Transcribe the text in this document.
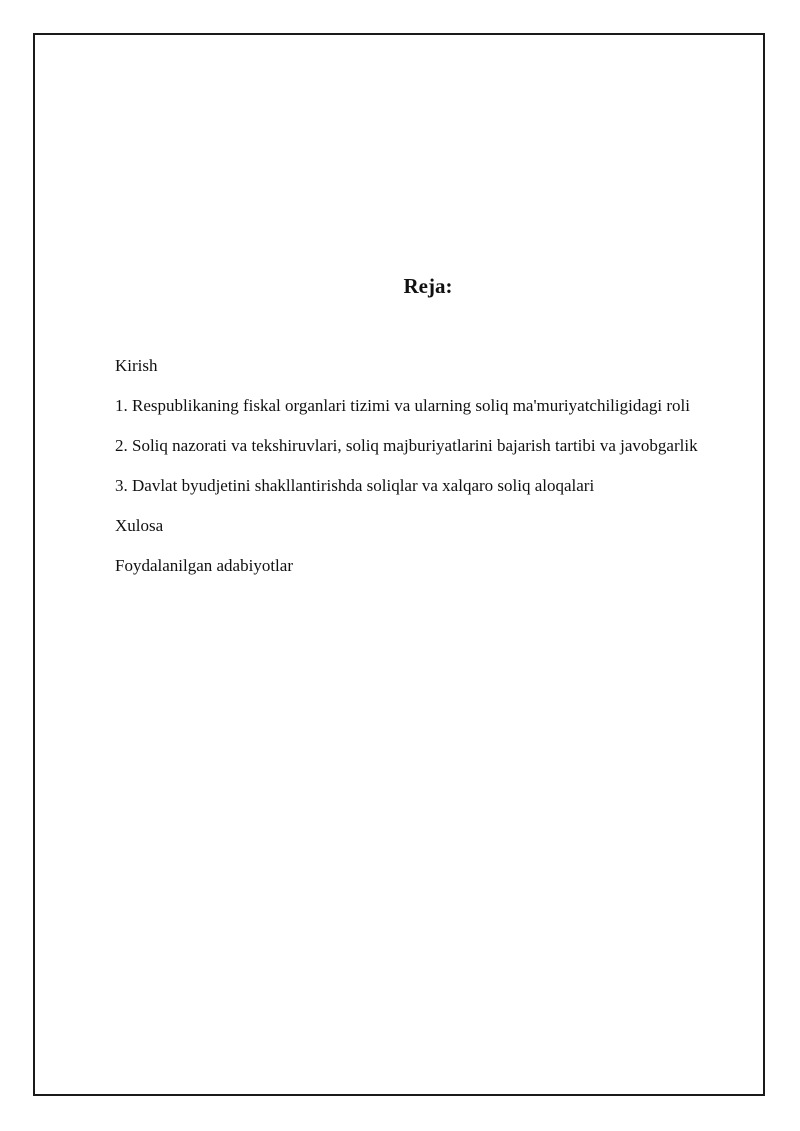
Reja:
Kirish
1. Respublikaning fiskal organlari tizimi va ularning soliq ma'muriyatchiligidagi roli
2. Soliq nazorati va tekshiruvlari, soliq majburiyatlarini bajarish tartibi va javobgarlik
3. Davlat byudjetini shakllantirishda soliqlar va xalqaro soliq aloqalari
Xulosa
Foydalanilgan adabiyotlar
